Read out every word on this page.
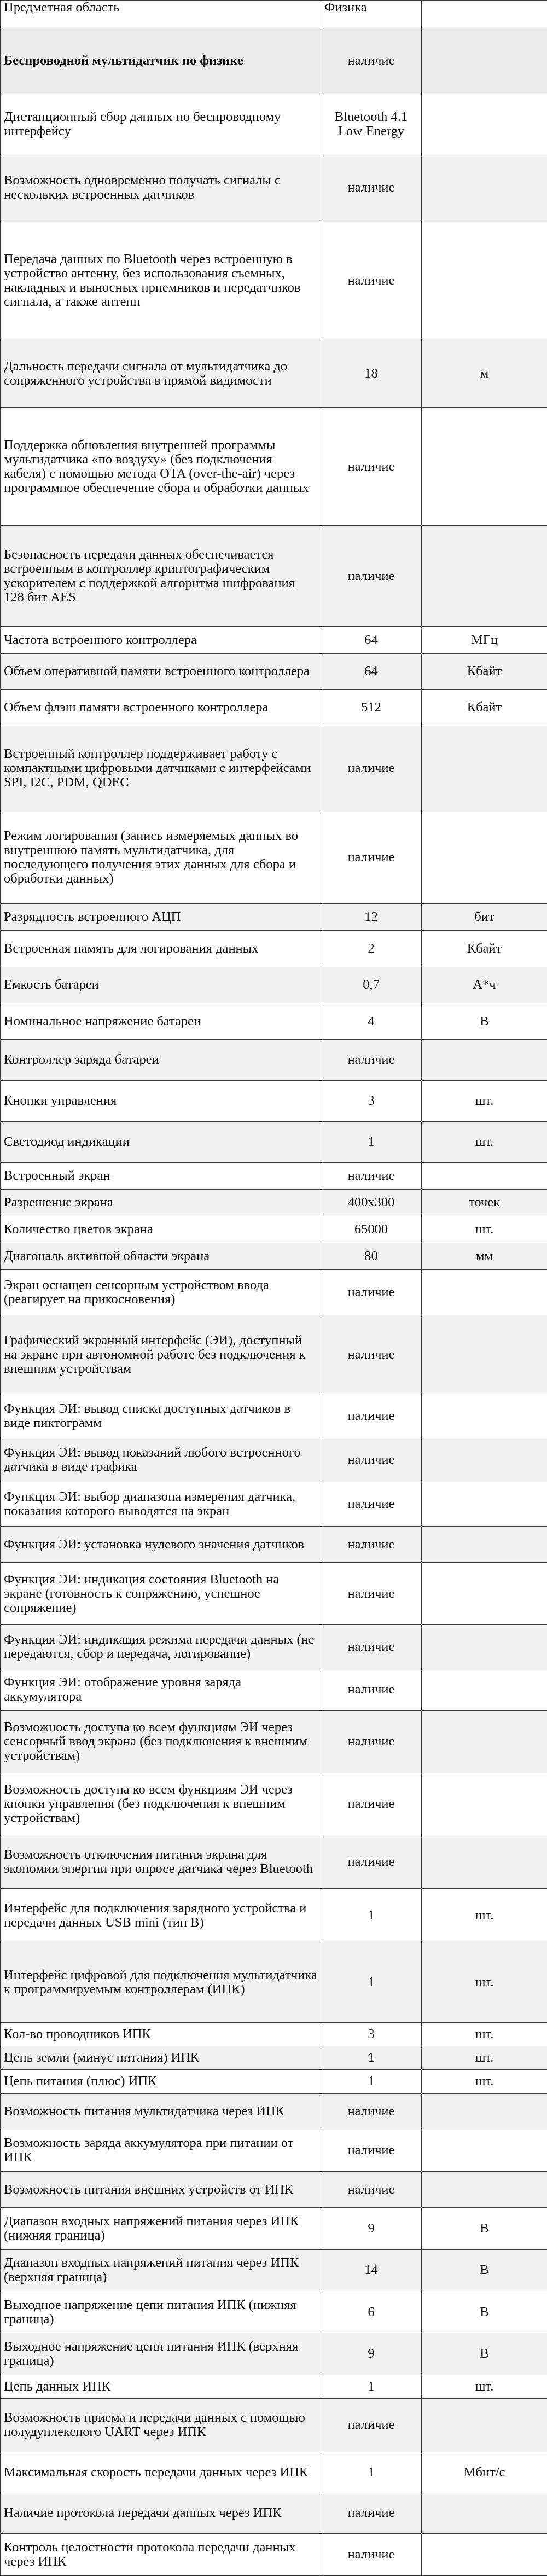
Предметная область	Физика	
Беспроводной мультидатчик по физике	наличие	
Дистанционный сбор данных по беспроводному интерфейсу	Bluetooth 4.1 Low Energy	
Возможность одновременно получать сигналы с нескольких встроенных датчиков	наличие	
Передача данных по Bluetooth через встроенную в устройство антенну, без использования съемных, накладных и выносных приемников и передатчиков сигнала, а также антенн	наличие	
Дальность передачи сигнала от мультидатчика до сопряженного устройства в прямой видимости	18	м
Поддержка обновления внутренней программы мультидатчика «по воздуху» (без подключения кабеля) с помощью метода OTA (over-the-air) через программное обеспечение сбора и обработки данных	наличие	
Безопасность передачи данных обеспечивается встроенным в контроллер криптографическим ускорителем с поддержкой алгоритма шифрования 128 бит AES	наличие	
Частота встроенного контроллера	64	МГц
Объем оперативной памяти встроенного контроллера	64	Кбайт
Объем флэш памяти встроенного контроллера	512	Кбайт
Встроенный контроллер поддерживает работу с компактными цифровыми датчиками с интерфейсами SPI, I2C, PDM, QDEC	наличие	
Режим логирования (запись измеряемых данных во внутреннюю память мультидатчика, для последующего получения этих данных для сбора и обработки данных)	наличие	
Разрядность встроенного АЦП	12	бит
Встроенная память для логирования данных	2	Кбайт
Емкость батареи	0,7	А*ч
Номинальное напряжение батареи	4	В
Контроллер заряда батареи	наличие	
Кнопки управления	3	шт.
Светодиод индикации	1	шт.
Встроенный экран	наличие	
Разрешение экрана	400х300	точек
Количество цветов экрана	65000	шт.
Диагональ активной области экрана	80	мм
Экран оснащен сенсорным устройством ввода (реагирует на прикосновения)	наличие	
Графический экранный интерфейс (ЭИ), доступный на экране при автономной работе без подключения к внешним устройствам	наличие	
Функция ЭИ: вывод списка доступных датчиков в виде пиктограмм	наличие	
Функция ЭИ: вывод показаний любого встроенного датчика в виде графика	наличие	
Функция ЭИ: выбор диапазона измерения датчика, показания которого выводятся на экран	наличие	
Функция ЭИ: установка нулевого значения датчиков	наличие	
Функция ЭИ: индикация состояния Bluetooth на экране (готовность к сопряжению, успешное сопряжение)	наличие	
Функция ЭИ: индикация режима передачи данных (не передаются, сбор и передача, логирование)	наличие	
Функция ЭИ: отображение уровня заряда аккумулятора	наличие	
Возможность доступа ко всем функциям ЭИ через сенсорный ввод экрана (без подключения к внешним устройствам)	наличие	
Возможность доступа ко всем функциям ЭИ через кнопки управления (без подключения к внешним устройствам)	наличие	
Возможность отключения питания экрана для экономии энергии при опросе датчика через Bluetooth	наличие	
Интерфейс для подключения зарядного устройства и передачи данных USB mini (тип B)	1	шт.
Интерфейс цифровой для подключения мультидатчика к программируемым контроллерам (ИПК)	1	шт.
Кол-во проводников ИПК	3	шт.
Цепь земли (минус питания) ИПК	1	шт.
Цепь питания (плюс) ИПК	1	шт.
Возможность питания мультидатчика через ИПК	наличие	
Возможность заряда аккумулятора при питании от ИПК	наличие	
Возможность питания внешних устройств от ИПК	наличие	
Диапазон входных напряжений питания через ИПК (нижняя граница)	9	В
Диапазон входных напряжений питания через ИПК (верхняя граница)	14	В
Выходное напряжение цепи питания ИПК (нижняя граница)	6	В
Выходное напряжение цепи питания ИПК (верхняя граница)	9	В
Цепь данных ИПК	1	шт.
Возможность приема и передачи данных с помощью полудуплексного UART через ИПК	наличие	
Максимальная скорость передачи данных через ИПК	1	Мбит/с
Наличие протокола передачи данных через ИПК	наличие	
Контроль целостности протокола передачи данных через ИПК	наличие	
